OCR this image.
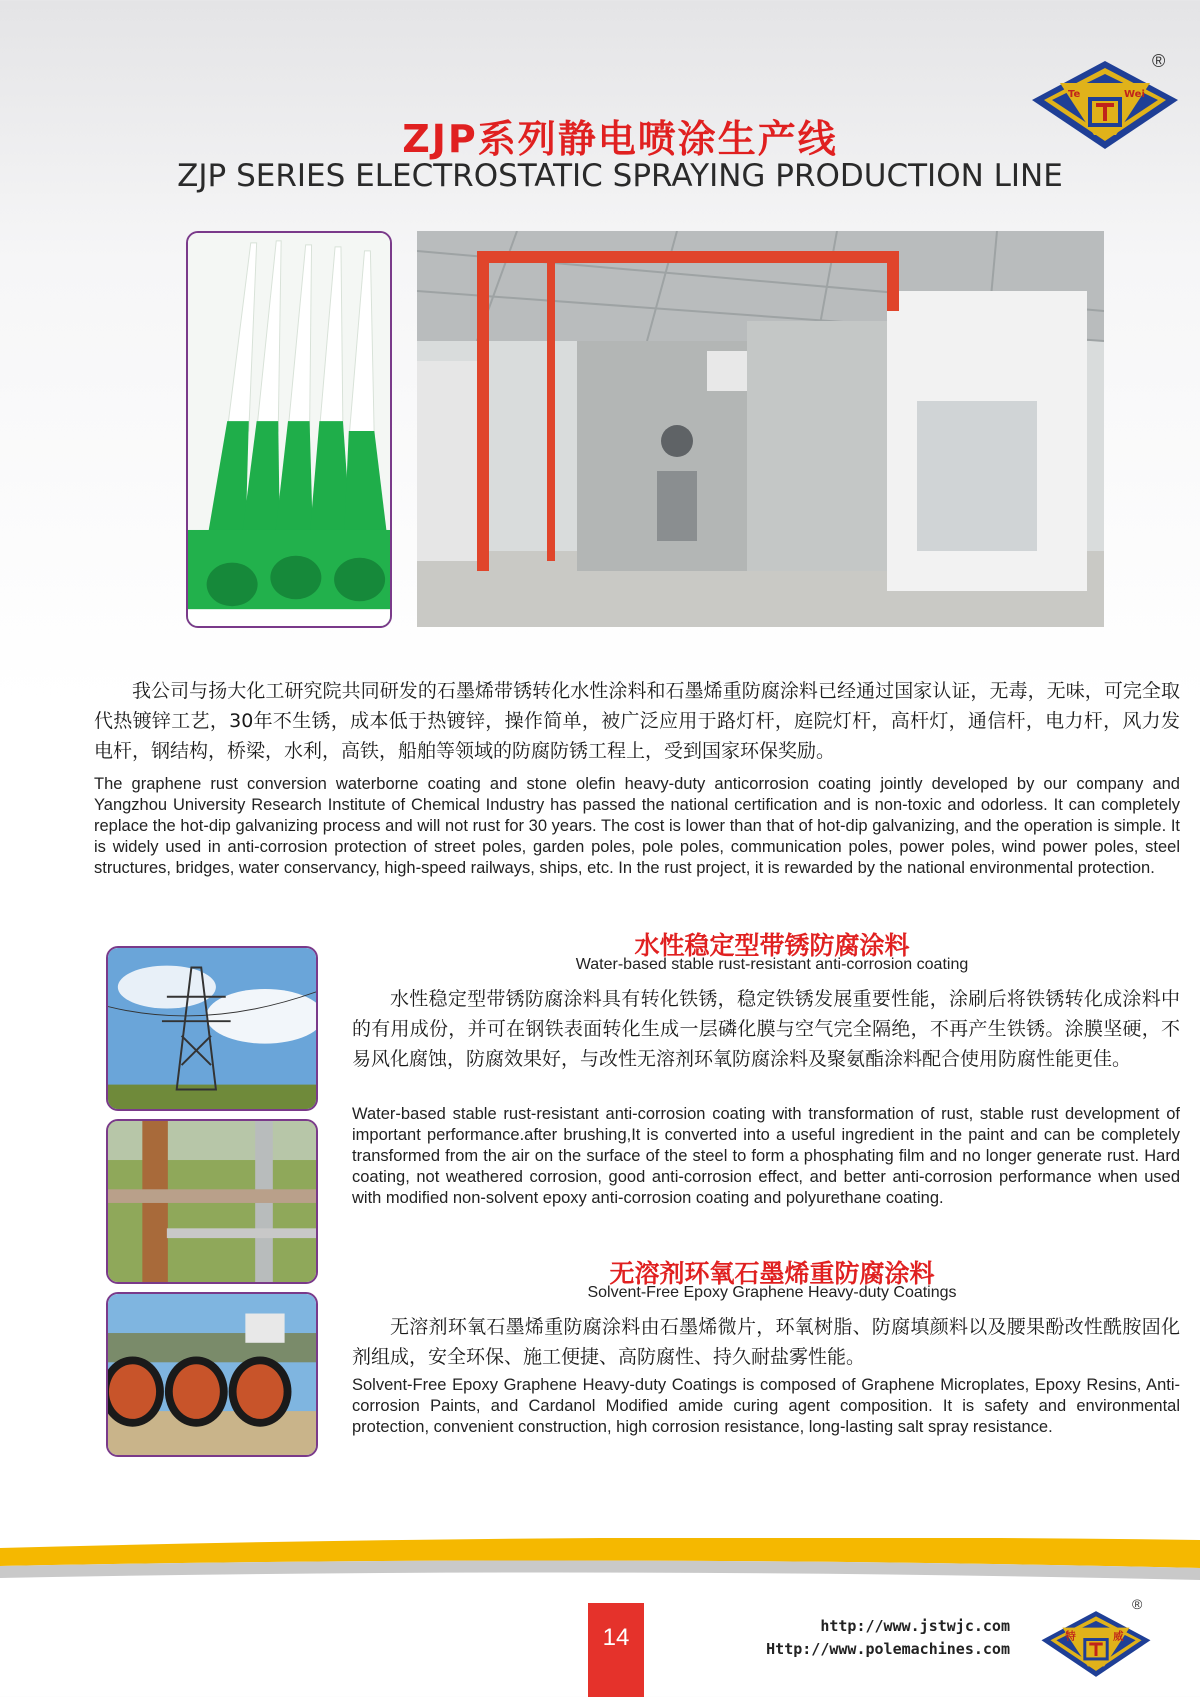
ZJP系列静电喷涂生产线
ZJP SERIES ELECTROSTATIC SPRAYING PRODUCTION LINE
Te	Wei
®
我公司与扬大化工研究院共同研发的石墨烯带锈转化水性涂料和石墨烯重防腐涂料已经通过国家认证，无毒，无味，可完全取代热镀锌工艺，30年不生锈，成本低于热镀锌，操作简单，被广泛应用于路灯杆，庭院灯杆，高杆灯，通信杆，电力杆，风力发电杆，钢结构，桥梁，水利，高铁，船舶等领域的防腐防锈工程上，受到国家环保奖励。
The graphene rust conversion waterborne coating and stone olefin heavy-duty anticorrosion coating jointly developed by our company and Yangzhou University Research Institute of Chemical Industry has passed the national certification and is non-toxic and odorless. It can completely replace the hot-dip galvanizing process and will not rust for 30 years. The cost is lower than that of hot-dip galvanizing, and the operation is simple. It is widely used in anti-corrosion protection of street poles, garden poles, pole poles, communication poles, power poles, wind power poles, steel structures, bridges, water conservancy, high-speed railways, ships, etc. In the rust project, it is rewarded by the national environmental protection.
水性稳定型带锈防腐涂料
Water-based stable rust-resistant anti-corrosion coating
水性稳定型带锈防腐涂料具有转化铁锈，稳定铁锈发展重要性能，涂刷后将铁锈转化成涂料中的有用成份，并可在钢铁表面转化生成一层磷化膜与空气完全隔绝，不再产生铁锈。涂膜坚硬，不易风化腐蚀，防腐效果好，与改性无溶剂环氧防腐涂料及聚氨酯涂料配合使用防腐性能更佳。
Water-based stable rust-resistant anti-corrosion coating with transformation of rust, stable rust development of important performance.after brushing,It is converted into a useful ingredient in the paint and can be completely transformed from the air on the surface of the steel to form a phosphating film and no longer generate rust. Hard coating, not weathered corrosion, good anti-corrosion effect, and better anti-corrosion performance when used with modified non-solvent epoxy anti-corrosion coating and polyurethane coating.
无溶剂环氧石墨烯重防腐涂料
Solvent-Free Epoxy Graphene Heavy-duty Coatings
无溶剂环氧石墨烯重防腐涂料由石墨烯微片，环氧树脂、防腐填颜料以及腰果酚改性酰胺固化剂组成，安全环保、施工便捷、高防腐性、持久耐盐雾性能。
Solvent-Free Epoxy Graphene Heavy-duty Coatings is composed of Graphene Microplates, Epoxy Resins, Anti-corrosion Paints, and Cardanol Modified amide curing agent composition. It is safety and environmental protection, convenient construction, high corrosion resistance, long-lasting salt spray resistance.
14	http://www.jstwjc.com
Http://www.polemachines.com
特	威
®
